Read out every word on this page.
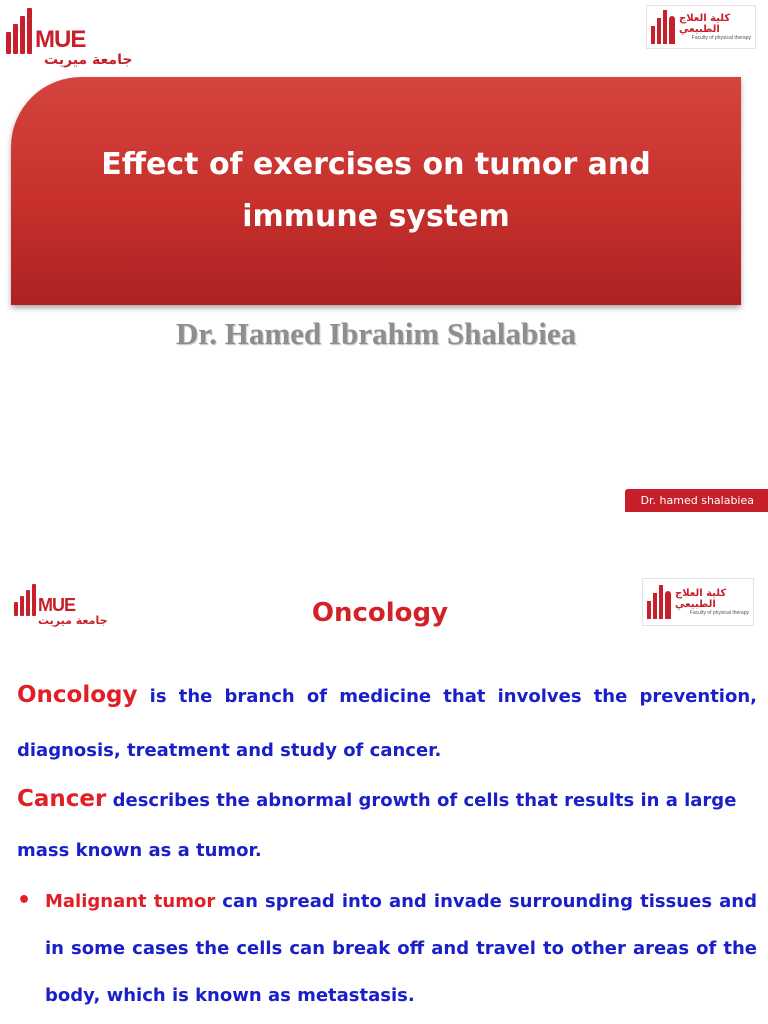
MUE
جامعة ميريت
كلية العلاج الطبيعي
Faculty of physical therapy
Effect of exercises on tumor and immune system
Dr. Hamed Ibrahim Shalabiea
Dr. hamed shalabiea
MUE
جامعة ميريت
كلية العلاج الطبيعي
Faculty of physical therapy
Oncology
Oncology is the branch of medicine that involves the prevention, diagnosis, treatment and study of cancer.
Cancer describes the abnormal growth of cells that results in a large mass known as a tumor.
• Malignant tumor can spread into and invade surrounding tissues and in some cases the cells can break off and travel to other areas of the body, which is known as metastasis.
